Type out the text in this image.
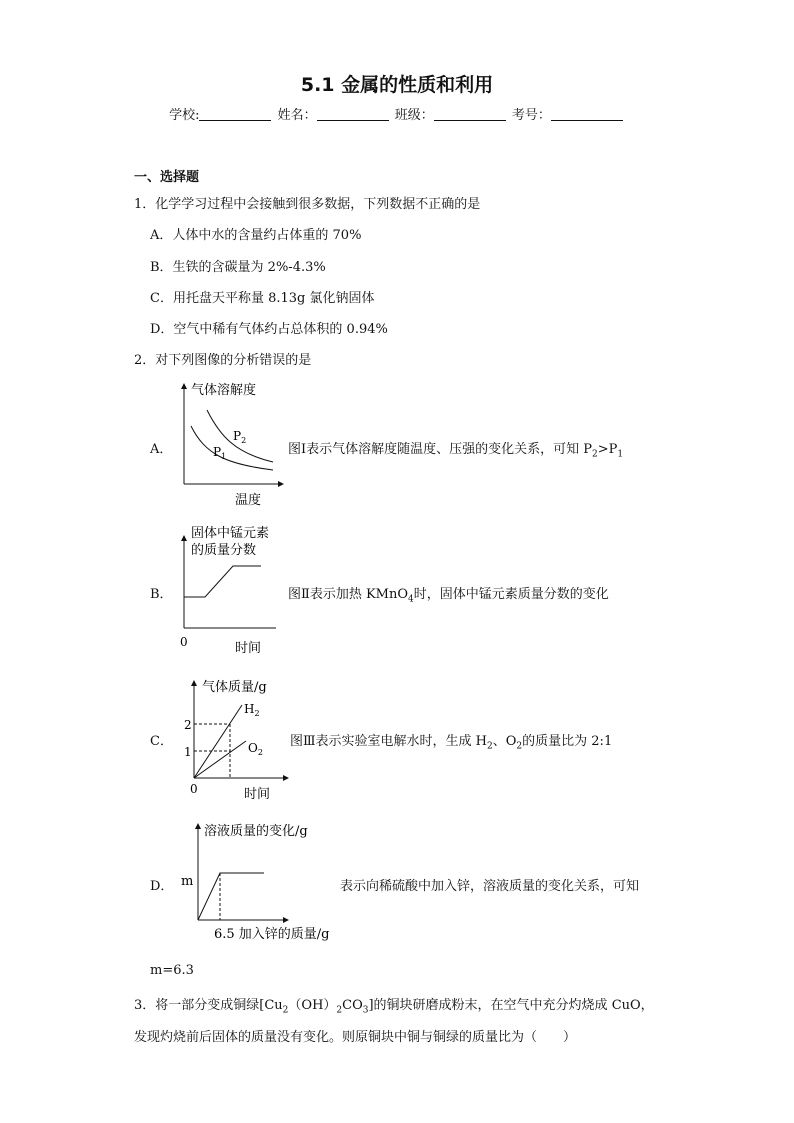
5.1 金属的性质和利用
学校:	姓名：	班级：	考号：
一、选择题
1．化学学习过程中会接触到很多数据，下列数据不正确的是
A．人体中水的含量约占体重的 70%
B．生铁的含碳量为 2%-4.3%
C．用托盘天平称量 8.13g 氯化钠固体
D．空气中稀有气体约占总体积的 0.94%
2．对下列图像的分析错误的是
A．
气体溶解度
温度
$P_2$
$P_1$	图Ⅰ表示气体溶解度随温度、压强的变化关系，可知 $P_2>P_1$
B．
固体中锰元素
的质量分数
0	时间
图Ⅱ表示加热 KMnO$_4$时，固体中锰元素质量分数的变化
C．
气体质量/g
2
1
0	时间
$H_2$
$O_2$
图Ⅲ表示实验室电解水时，生成 $H_2$、$O_2$的质量比为 2:1
D．
溶液质量的变化/g
m
6.5 加入锌的质量/g
表示向稀硫酸中加入锌，溶液质量的变化关系，可知
m=6.3
3．将一部分变成铜绿$[Cu_2(OH)_2CO_3]$的铜块研磨成粉末，在空气中充分灼烧成 CuO，
发现灼烧前后固体的质量没有变化。则原铜块中铜与铜绿的质量比为（　　）
